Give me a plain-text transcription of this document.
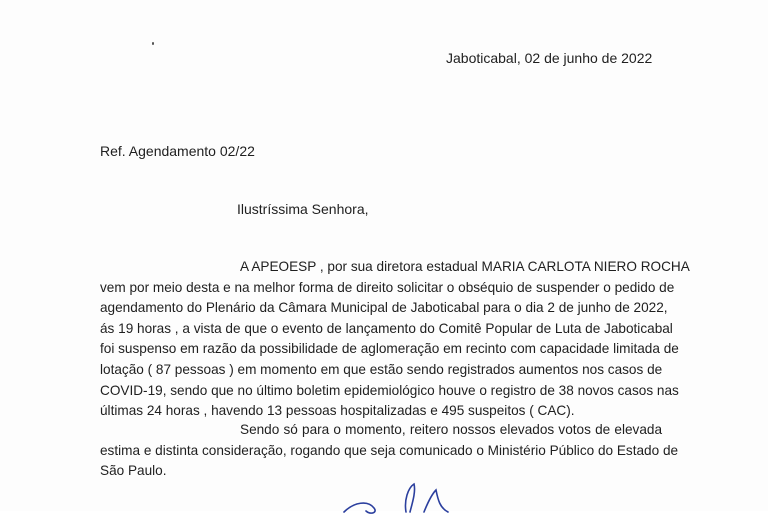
Jaboticabal, 02 de junho de 2022
Ref. Agendamento 02/22
Ilustríssima Senhora,
A APEOESP , por sua diretora estadual MARIA CARLOTA NIERO ROCHA
vem por meio desta e na melhor forma de direito solicitar o obséquio de suspender o pedido de
agendamento do Plenário da Câmara Municipal de Jaboticabal para o dia 2 de junho de 2022,
ás 19 horas , a vista de que o evento de lançamento do Comitê Popular de Luta de Jaboticabal
foi suspenso em razão da possibilidade de aglomeração em recinto com capacidade limitada de
lotação ( 87 pessoas ) em momento em que estão sendo registrados aumentos nos casos de
COVID-19, sendo que no último boletim epidemiológico houve o registro de 38 novos casos nas
últimas 24 horas , havendo 13 pessoas hospitalizadas e 495 suspeitos ( CAC).
Sendo só para o momento, reitero nossos elevados votos de elevada
estima e distinta consideração, rogando que seja comunicado o Ministério Público do Estado de
São Paulo.
